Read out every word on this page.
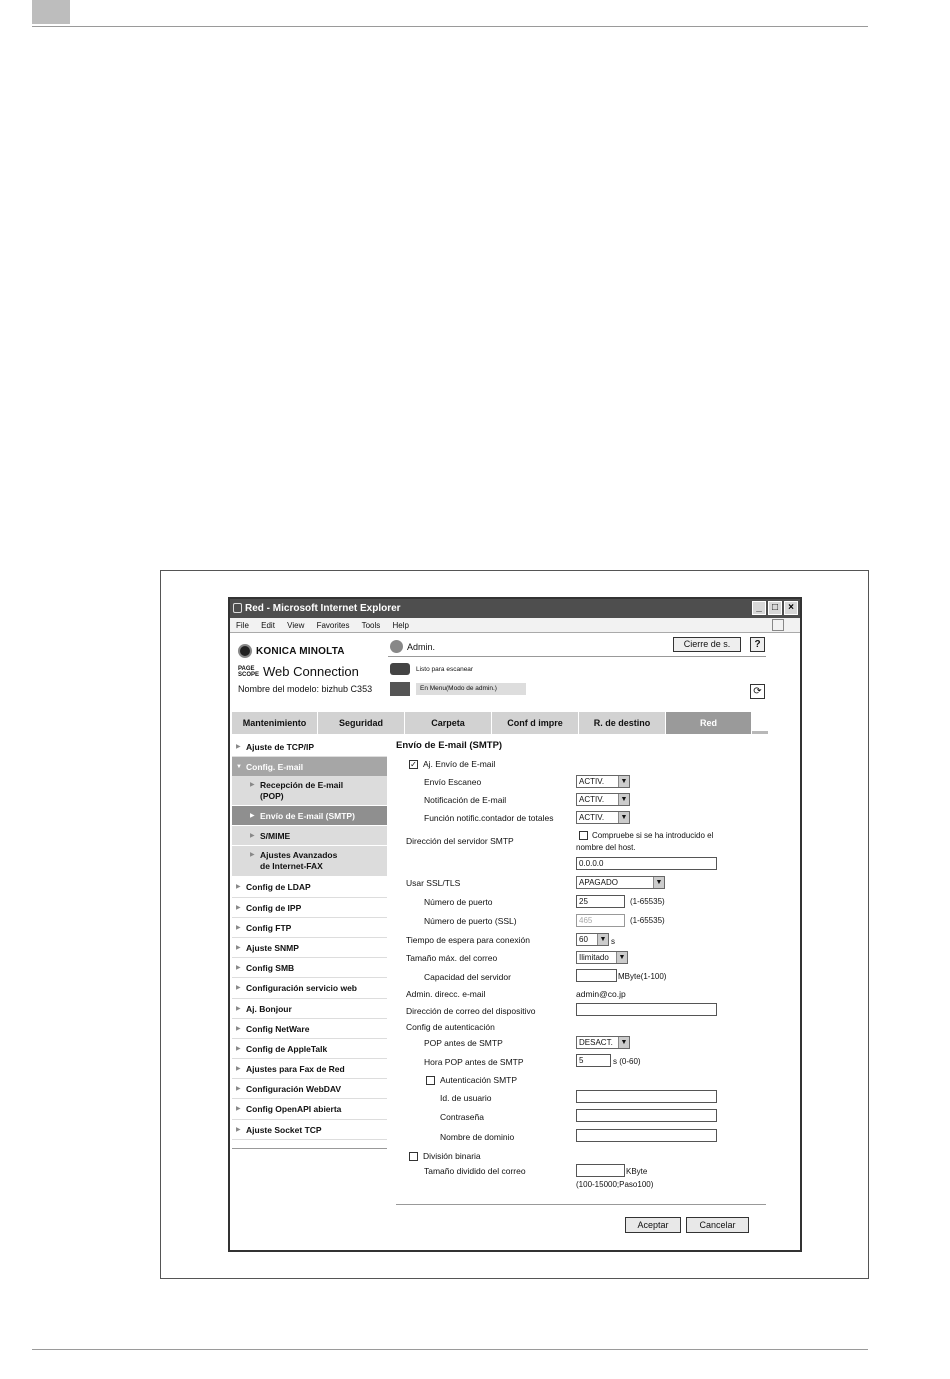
Red - Microsoft Internet Explorer	_	□	×
File Edit View Favorites Tools Help
KONICA MINOLTA
PAGE
SCOPE Web Connection
Nombre del modelo: bizhub C353
Admin.	Cierre de s.	?
Listo para escanear
En Menu(Modo de admin.)	⟳
Mantenimiento	Seguridad	Carpeta	Conf d impre	R. de destino	Red
▶ Ajuste de TCP/IP
▼ Config. E-mail
▶ Recepción de E-mail (POP)
▶ Envío de E-mail (SMTP)
▶ S/MIME
▶ Ajustes Avanzados de Internet-FAX
▶ Config de LDAP
▶ Config de IPP
▶ Config FTP
▶ Ajuste SNMP
▶ Config SMB
▶ Configuración servicio web
▶ Aj. Bonjour
▶ Config NetWare
▶ Config de AppleTalk
▶ Ajustes para Fax de Red
▶ Configuración WebDAV
▶ Config OpenAPI abierta
▶ Ajuste Socket TCP
Envío de E-mail (SMTP)
✓ Aj. Envío de E-mail
Envío Escaneo	ACTIV.	▼
Notificación de E-mail	ACTIV.	▼
Función notific.contador de totales	ACTIV.	▼
Dirección del servidor SMTP
Compruebe si se ha introducido el nombre del host.
0.0.0.0
Usar SSL/TLS	APAGADO	▼
Número de puerto	25	(1-65535)
Número de puerto (SSL)	465	(1-65535)
Tiempo de espera para conexión	60	▼ s
Tamaño máx. del correo	Ilimitado	▼
Capacidad del servidor	MByte(1-100)
Admin. direcc. e-mail	admin@co.jp
Dirección de correo del dispositivo
Config de autenticación
POP antes de SMTP	DESACT.	▼
Hora POP antes de SMTP	5	s (0-60)
Autenticación SMTP
Id. de usuario
Contraseña
Nombre de dominio
División binaria
Tamaño dividido del correo	KByte
(100-15000;Paso100)
Aceptar	Cancelar
